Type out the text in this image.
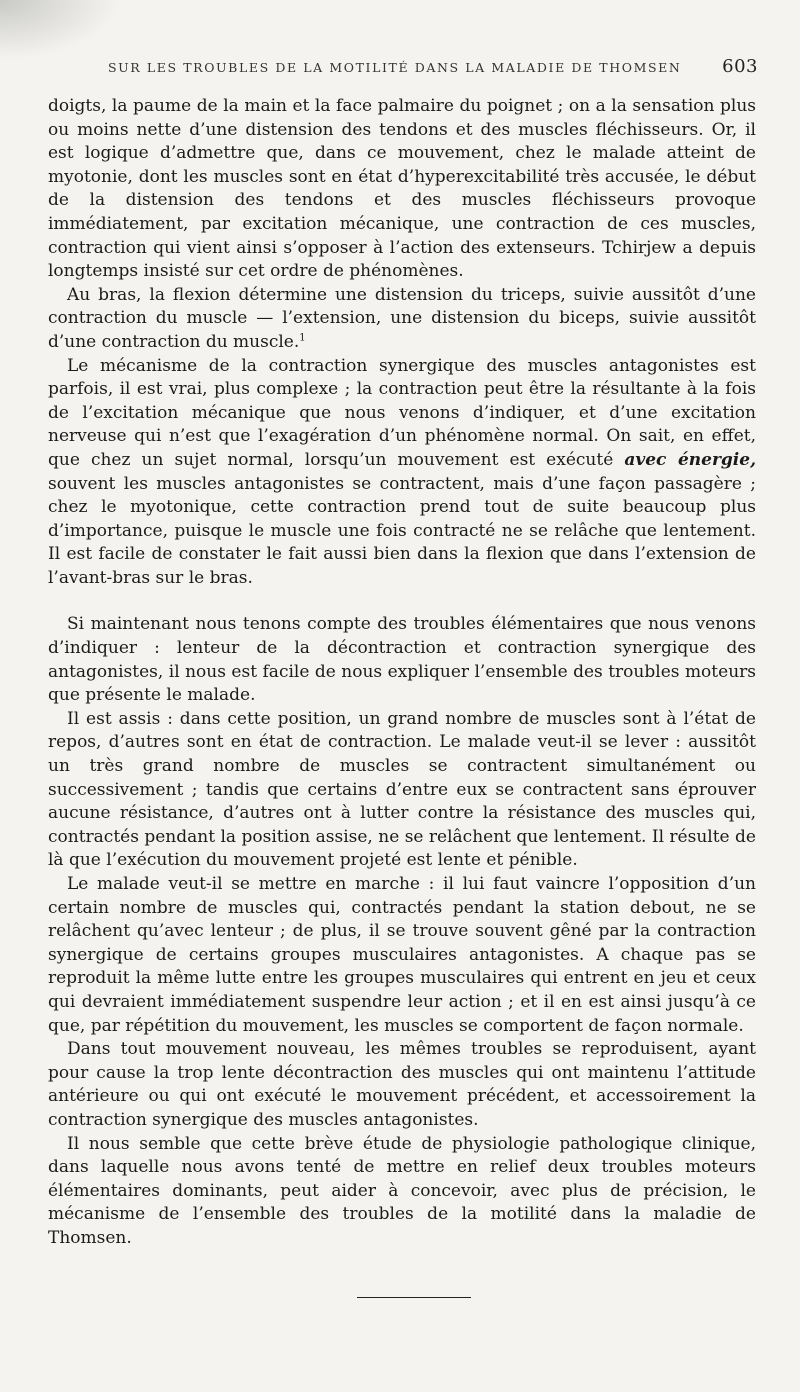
SUR LES TROUBLES DE LA MOTILITÉ DANS LA MALADIE DE THOMSEN	603

doigts, la paume de la main et la face palmaire du poignet ; on a la sensation plus ou moins nette d’une distension des tendons et des muscles fléchisseurs. Or, il est logique d’admettre que, dans ce mouvement, chez le malade atteint de myotonie, dont les muscles sont en état d’hyperexcitabilité très accusée, le début de la distension des tendons et des muscles fléchisseurs provoque immédiatement, par excitation mécanique, une contraction de ces muscles, contraction qui vient ainsi s’opposer à l’action des extenseurs. Tchirjew a depuis longtemps insisté sur cet ordre de phénomènes.

Au bras, la flexion détermine une distension du triceps, suivie aussitôt d’une contraction du muscle — l’extension, une distension du biceps, suivie aussitôt d’une contraction du muscle.$^1$

Le mécanisme de la contraction synergique des muscles antagonistes est parfois, il est vrai, plus complexe ; la contraction peut être la résultante à la fois de l’excitation mécanique que nous venons d’indiquer, et d’une excitation nerveuse qui n’est que l’exagération d’un phénomène normal. On sait, en effet, que chez un sujet normal, lorsqu’un mouvement est exécuté avec énergie, souvent les muscles antagonistes se contractent, mais d’une façon passagère ; chez le myotonique, cette contraction prend tout de suite beaucoup plus d’importance, puisque le muscle une fois contracté ne se relâche que lentement. Il est facile de constater le fait aussi bien dans la flexion que dans l’extension de l’avant-bras sur le bras.

Si maintenant nous tenons compte des troubles élémentaires que nous venons d’indiquer : lenteur de la décontraction et contraction synergique des antagonistes, il nous est facile de nous expliquer l’ensemble des troubles moteurs que présente le malade.

Il est assis : dans cette position, un grand nombre de muscles sont à l’état de repos, d’autres sont en état de contraction. Le malade veut-il se lever : aussitôt un très grand nombre de muscles se contractent simultanément ou successivement ; tandis que certains d’entre eux se contractent sans éprouver aucune résistance, d’autres ont à lutter contre la résistance des muscles qui, contractés pendant la position assise, ne se relâchent que lentement. Il résulte de là que l’exécution du mouvement projeté est lente et pénible.

Le malade veut-il se mettre en marche : il lui faut vaincre l’opposition d’un certain nombre de muscles qui, contractés pendant la station debout, ne se relâchent qu’avec lenteur ; de plus, il se trouve souvent gêné par la contraction synergique de certains groupes musculaires antagonistes. A chaque pas se reproduit la même lutte entre les groupes musculaires qui entrent en jeu et ceux qui devraient immédiatement suspendre leur action ; et il en est ainsi jusqu’à ce que, par répétition du mouvement, les muscles se comportent de façon normale.

Dans tout mouvement nouveau, les mêmes troubles se reproduisent, ayant pour cause la trop lente décontraction des muscles qui ont maintenu l’attitude antérieure ou qui ont exécuté le mouvement précédent, et accessoirement la contraction synergique des muscles antagonistes.

Il nous semble que cette brève étude de physiologie pathologique clinique, dans laquelle nous avons tenté de mettre en relief deux troubles moteurs élémentaires dominants, peut aider à concevoir, avec plus de précision, le mécanisme de l’ensemble des troubles de la motilité dans la maladie de Thomsen.
